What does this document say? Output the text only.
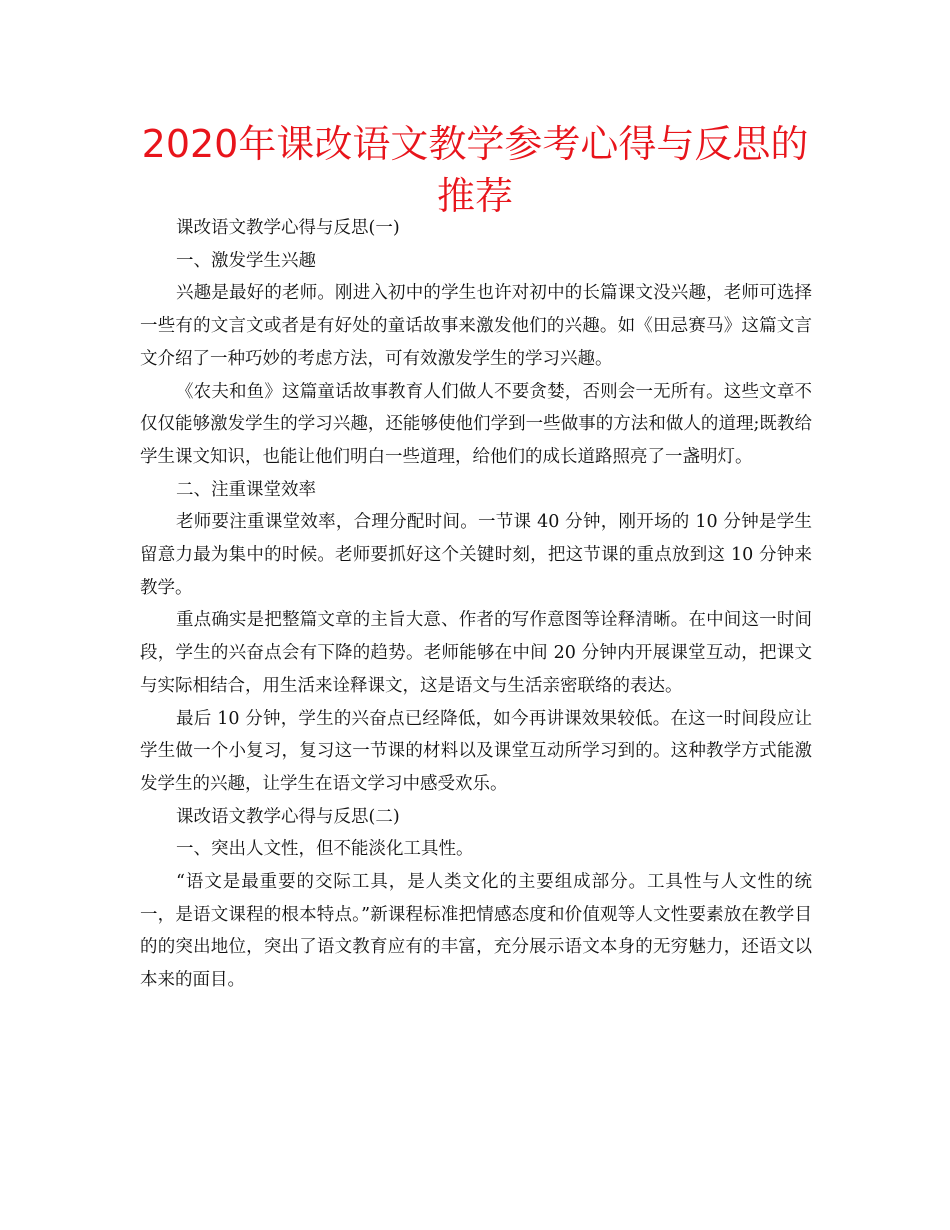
2020年课改语文教学参考心得与反思的推荐

课改语文教学心得与反思(一)

一、激发学生兴趣

兴趣是最好的老师。刚进入初中的学生也许对初中的长篇课文没兴趣，老师可选择一些有的文言文或者是有好处的童话故事来激发他们的兴趣。如《田忌赛马》这篇文言文介绍了一种巧妙的考虑方法，可有效激发学生的学习兴趣。

《农夫和鱼》这篇童话故事教育人们做人不要贪婪，否则会一无所有。这些文章不仅仅能够激发学生的学习兴趣，还能够使他们学到一些做事的方法和做人的道理;既教给学生课文知识，也能让他们明白一些道理，给他们的成长道路照亮了一盏明灯。

二、注重课堂效率

老师要注重课堂效率，合理分配时间。一节课 40 分钟，刚开场的 10 分钟是学生留意力最为集中的时候。老师要抓好这个关键时刻，把这节课的重点放到这 10 分钟来教学。

重点确实是把整篇文章的主旨大意、作者的写作意图等诠释清晰。在中间这一时间段，学生的兴奋点会有下降的趋势。老师能够在中间 20 分钟内开展课堂互动，把课文与实际相结合，用生活来诠释课文，这是语文与生活亲密联络的表达。

最后 10 分钟，学生的兴奋点已经降低，如今再讲课效果较低。在这一时间段应让学生做一个小复习，复习这一节课的材料以及课堂互动所学习到的。这种教学方式能激发学生的兴趣，让学生在语文学习中感受欢乐。

课改语文教学心得与反思(二)

一、突出人文性，但不能淡化工具性。

“语文是最重要的交际工具，是人类文化的主要组成部分。工具性与人文性的统一，是语文课程的根本特点。”新课程标准把情感态度和价值观等人文性要素放在教学目的的突出地位，突出了语文教育应有的丰富，充分展示语文本身的无穷魅力，还语文以本来的面目。
